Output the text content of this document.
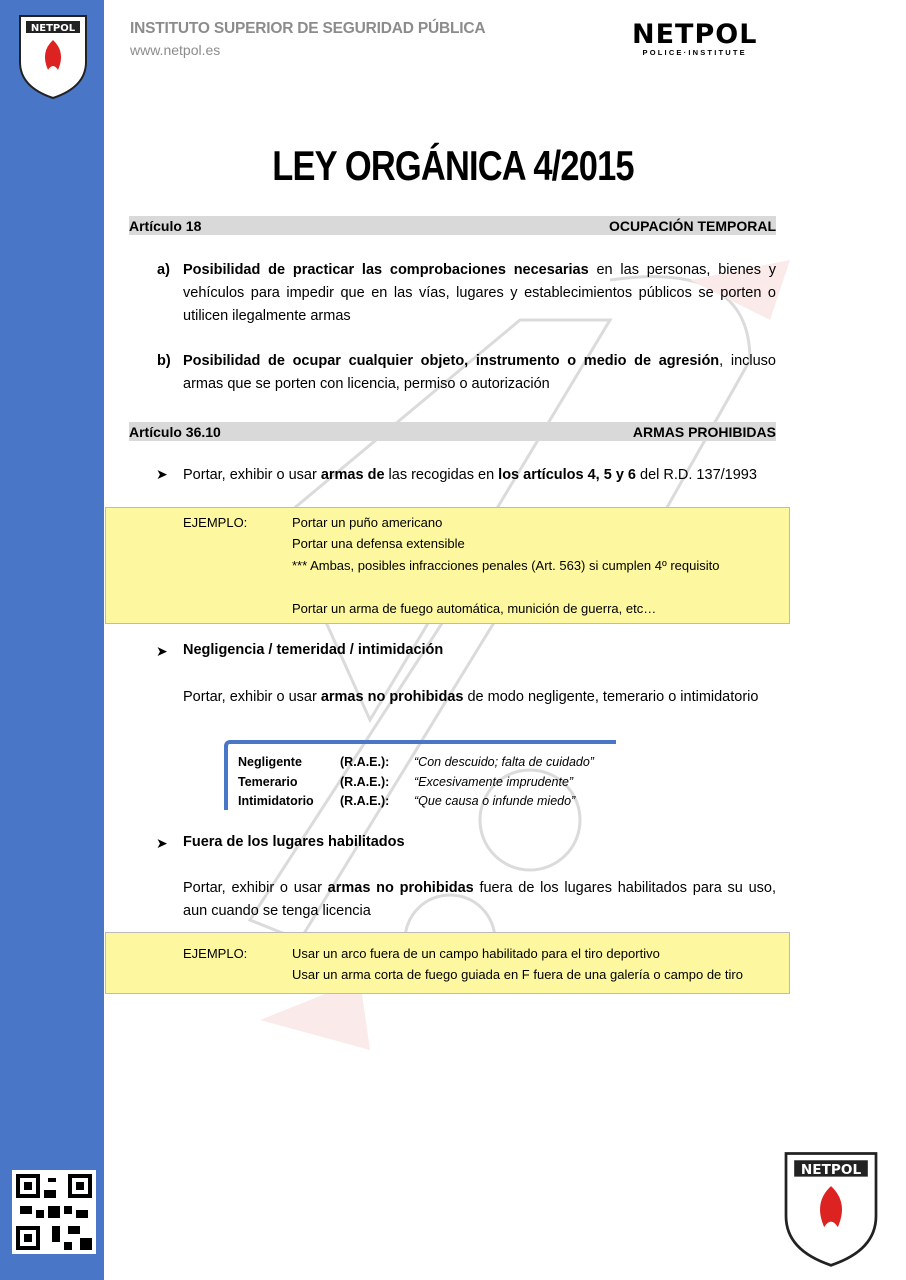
NETPOL	INSTITUTO SUPERIOR DE SEGURIDAD PÚBLICA
www.netpol.es	NETPOL
POLICE·INSTITUTE
LEY ORGÁNICA 4/2015
Artículo 18	OCUPACIÓN TEMPORAL
a) Posibilidad de practicar las comprobaciones necesarias en las personas, bienes y vehículos para impedir que en las vías, lugares y establecimientos públicos se porten o utilicen ilegalmente armas
b) Posibilidad de ocupar cualquier objeto, instrumento o medio de agresión, incluso armas que se porten con licencia, permiso o autorización
Artículo 36.10	ARMAS PROHIBIDAS
➤ Portar, exhibir o usar armas de las recogidas en los artículos 4, 5 y 6 del R.D. 137/1993
EJEMPLO:	Portar un puño americano
Portar una defensa extensible
*** Ambas, posibles infracciones penales (Art. 563) si cumplen 4º requisito
Portar un arma de fuego automática, munición de guerra, etc…
➤ Negligencia / temeridad / intimidación
Portar, exhibir o usar armas no prohibidas de modo negligente, temerario o intimidatorio
Negligente	(R.A.E.): “Con descuido; falta de cuidado”
Temerario	(R.A.E.): “Excesivamente imprudente”
Intimidatorio (R.A.E.): “Que causa o infunde miedo”
➤ Fuera de los lugares habilitados
Portar, exhibir o usar armas no prohibidas fuera de los lugares habilitados para su uso, aun cuando se tenga licencia
EJEMPLO:	Usar un arco fuera de un campo habilitado para el tiro deportivo
Usar un arma corta de fuego guiada en F fuera de una galería o campo de tiro
NETPOL
